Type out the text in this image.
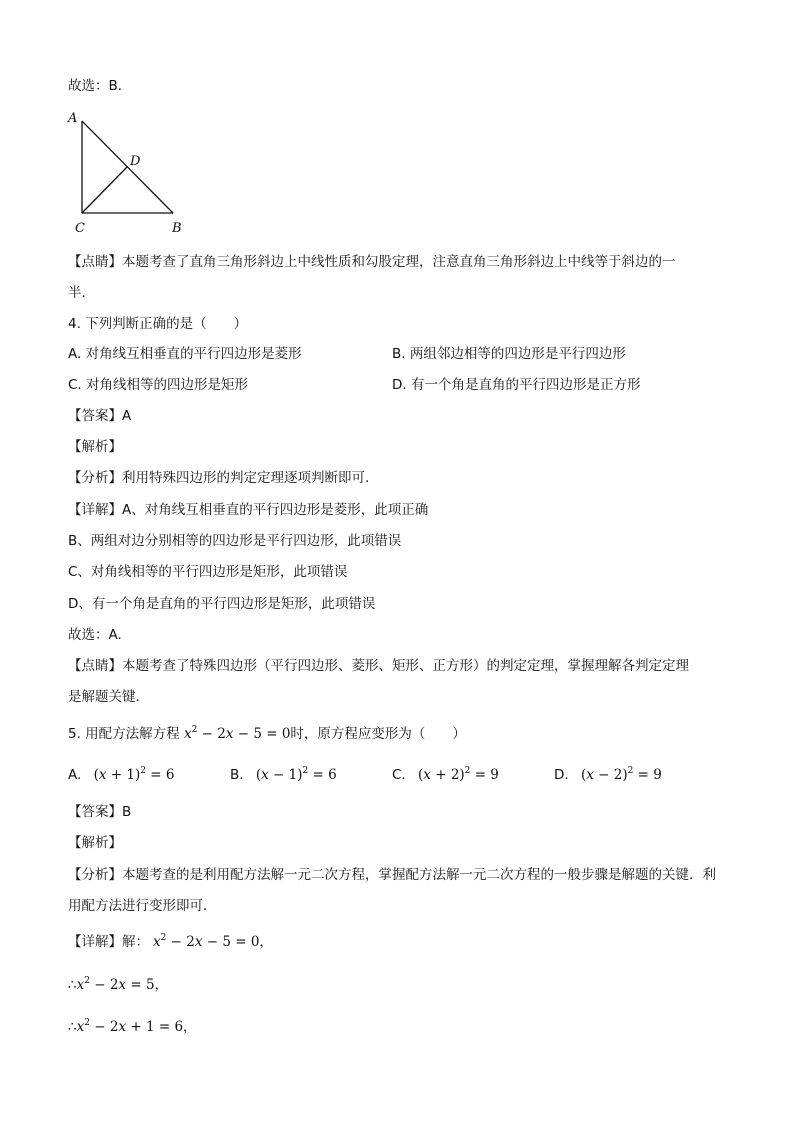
故选：B．
A
D
C	B
【点睛】本题考查了直角三角形斜边上中线性质和勾股定理，注意直角三角形斜边上中线等于斜边的一
半．
4. 下列判断正确的是（　　）
A. 对角线互相垂直的平行四边形是菱形	B. 两组邻边相等的四边形是平行四边形
C. 对角线相等的四边形是矩形	D. 有一个角是直角的平行四边形是正方形
【答案】A
【解析】
【分析】利用特殊四边形的判定定理逐项判断即可.
【详解】A、对角线互相垂直的平行四边形是菱形，此项正确
B、两组对边分别相等的四边形是平行四边形，此项错误
C、对角线相等的平行四边形是矩形，此项错误
D、有一个角是直角的平行四边形是矩形，此项错误
故选：A.
【点睛】本题考查了特殊四边形（平行四边形、菱形、矩形、正方形）的判定定理，掌握理解各判定定理
是解题关键.
5. 用配方法解方程 $x^2 - 2x - 5 = 0$时，原方程应变形为（　　）
A. $(x + 1)^2 = 6$	B. $(x - 1)^2 = 6$	C. $(x + 2)^2 = 9$	D. $(x - 2)^2 = 9$
【答案】B
【解析】
【分析】本题考查的是利用配方法解一元二次方程，掌握配方法解一元二次方程的一般步骤是解题的关键．利
用配方法进行变形即可．
【详解】解： $x^2 - 2x - 5 = 0$，
$\therefore x^2 - 2x = 5$，
$\therefore x^2 - 2x + 1 = 6$，
